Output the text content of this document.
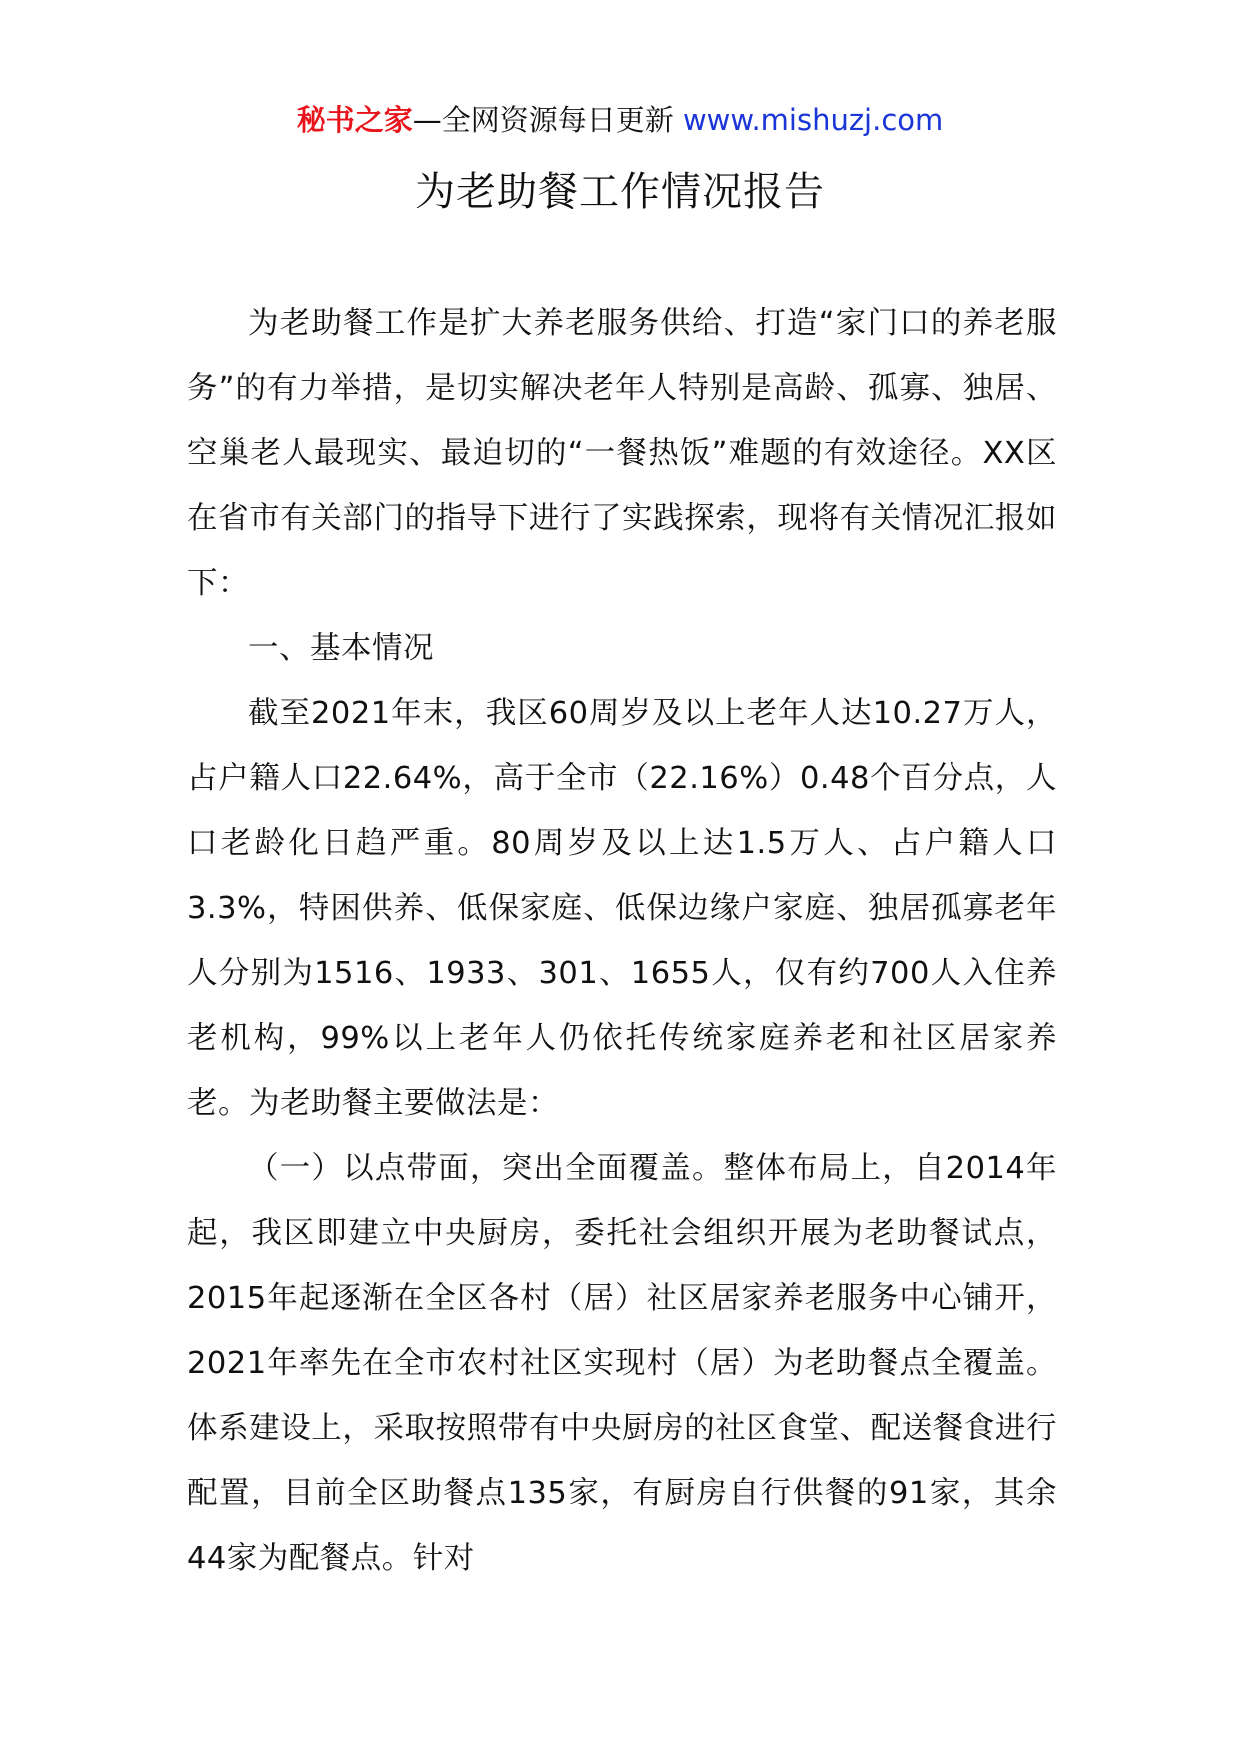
秘书之家—全网资源每日更新 www.mishuzj.com
为老助餐工作情况报告

为老助餐工作是扩大养老服务供给、打造“家门口的养老服务”的有力举措，是切实解决老年人特别是高龄、孤寡、独居、空巢老人最现实、最迫切的“一餐热饭”难题的有效途径。XX区在省市有关部门的指导下进行了实践探索，现将有关情况汇报如下：

一、基本情况

截至2021年末，我区60周岁及以上老年人达10.27万人，占户籍人口22.64%，高于全市（22.16%）0.48个百分点，人口老龄化日趋严重。80周岁及以上达1.5万人、占户籍人口3.3%，特困供养、低保家庭、低保边缘户家庭、独居孤寡老年人分别为1516、1933、301、1655人，仅有约700人入住养老机构，99%以上老年人仍依托传统家庭养老和社区居家养老。为老助餐主要做法是：

（一）以点带面，突出全面覆盖。整体布局上，自2014年起，我区即建立中央厨房，委托社会组织开展为老助餐试点，2015年起逐渐在全区各村（居）社区居家养老服务中心铺开，2021年率先在全市农村社区实现村（居）为老助餐点全覆盖。体系建设上，采取按照带有中央厨房的社区食堂、配送餐食进行配置，目前全区助餐点135家，有厨房自行供餐的91家，其余44家为配餐点。针对
